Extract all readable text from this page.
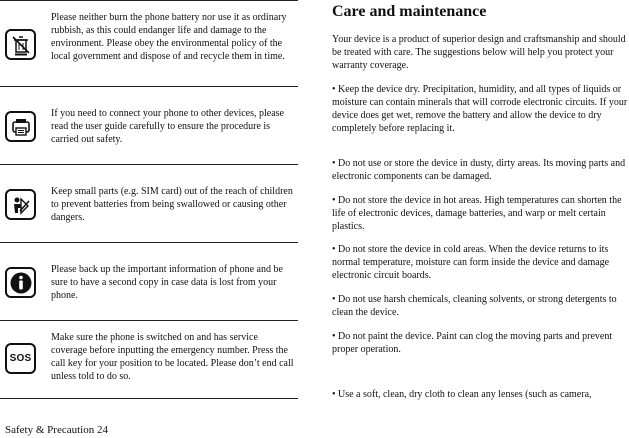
Please neither burn the phone battery nor use it as ordinary rubbish, as this could endanger life and damage to the environment. Please obey the environmental policy of the local government and dispose of and recycle them in time.

If you need to connect your phone to other devices, please read the user guide carefully to ensure the procedure is carried out safety.

Keep small parts (e.g. SIM card) out of the reach of children to prevent batteries from being swallowed or causing other dangers.

Please back up the important information of phone and be sure to have a second copy in case data is lost from your phone.

SOS

Make sure the phone is switched on and has service coverage before inputting the emergency number. Press the call key for your position to be located. Please don’t end call unless told to do so.

Safety & Precaution 24
Care and maintenance

Your device is a product of superior design and craftsmanship and should be treated with care. The suggestions below will help you protect your warranty coverage.

• Keep the device dry. Precipitation, humidity, and all types of liquids or moisture can contain minerals that will corrode electronic circuits. If your device does get wet, remove the battery and allow the device to dry completely before replacing it.

• Do not use or store the device in dusty, dirty areas. Its moving parts and electronic components can be damaged.

• Do not store the device in hot areas. High temperatures can shorten the life of electronic devices, damage batteries, and warp or melt certain plastics.

• Do not store the device in cold areas. When the device returns to its normal temperature, moisture can form inside the device and damage electronic circuit boards.

• Do not use harsh chemicals, cleaning solvents, or strong detergents to clean the device.

• Do not paint the device. Paint can clog the moving parts and prevent proper operation.

• Use a soft, clean, dry cloth to clean any lenses (such as camera,
